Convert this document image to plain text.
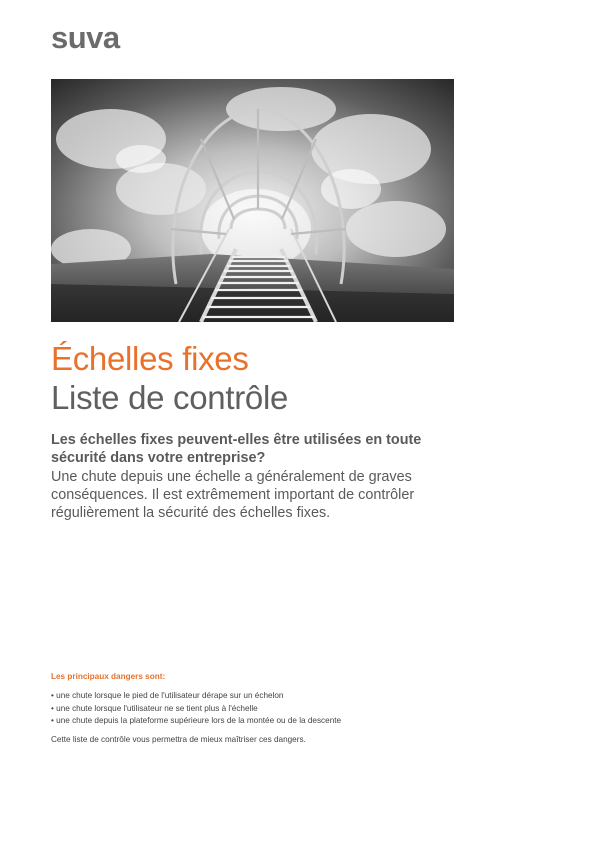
suva
Échelles fixes
Liste de contrôle

Les échelles fixes peuvent-elles être utilisées en toute sécurité dans votre entreprise?

Une chute depuis une échelle a généralement de graves conséquences. Il est extrêmement important de contrôler régulièrement la sécurité des échelles fixes.

Les principaux dangers sont:

• une chute lorsque le pied de l'utilisateur dérape sur un échelon
• une chute lorsque l'utilisateur ne se tient plus à l'échelle
• une chute depuis la plateforme supérieure lors de la montée ou de la descente

Cette liste de contrôle vous permettra de mieux maîtriser ces dangers.
